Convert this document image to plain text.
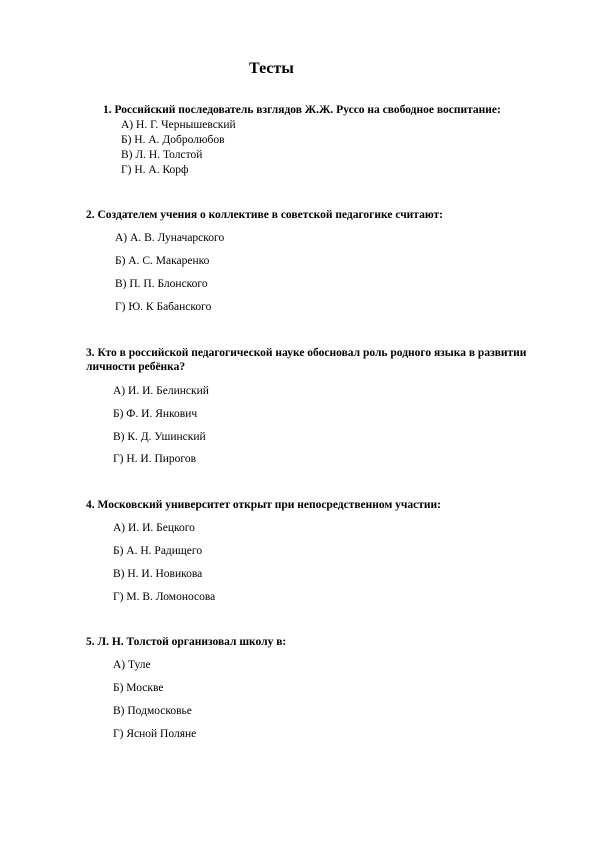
Тесты
1. Российский последователь взглядов Ж.Ж. Руссо на свободное воспитание:
А) Н. Г. Чернышевский
Б) Н. А. Добролюбов
В) Л. Н. Толстой
Г) Н. А. Корф
2. Создателем учения о коллективе в советской педагогике считают:
А) А. В. Луначарского
Б) А. С. Макаренко
В) П. П. Блонского
Г) Ю. К Бабанского
3. Кто в российской педагогической науке обосновал роль родного языка в развитии личности ребёнка?
А) И. И. Белинский
Б) Ф. И. Янкович
В) К. Д. Ушинский
Г) Н. И. Пирогов
4. Московский университет открыт при непосредственном участии:
А) И. И. Бецкого
Б) А. Н. Радищего
В) Н. И. Новикова
Г) М. В. Ломоносова
5. Л. Н. Толстой организовал школу в:
А) Туле
Б) Москве
В) Подмосковье
Г) Ясной Поляне
